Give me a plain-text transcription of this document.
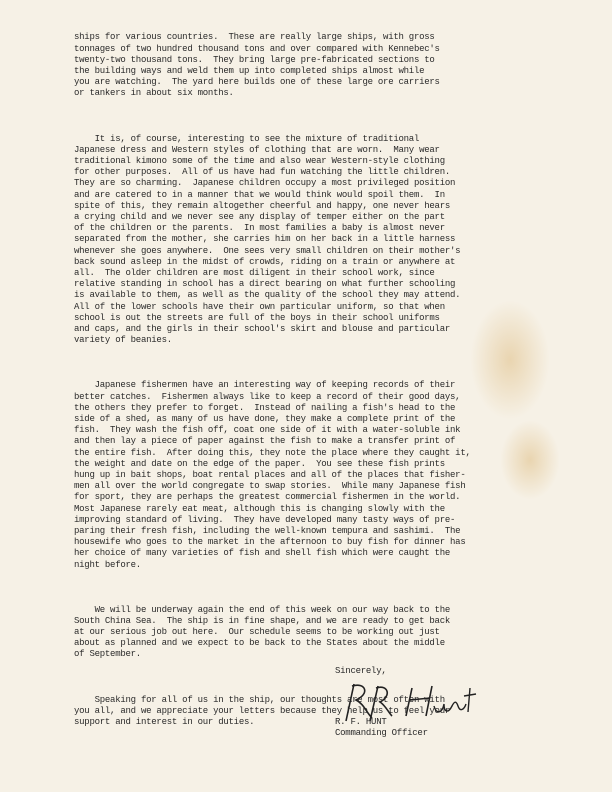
ships for various countries.  These are really large ships, with gross
tonnages of two hundred thousand tons and over compared with Kennebec's
twenty-two thousand tons.  They bring large pre-fabricated sections to
the building ways and weld them up into completed ships almost while
you are watching.  The yard here builds one of these large ore carriers
or tankers in about six months.

It is, of course, interesting to see the mixture of traditional
Japanese dress and Western styles of clothing that are worn.  Many wear
traditional kimono some of the time and also wear Western-style clothing
for other purposes.  All of us have had fun watching the little children.
They are so charming.  Japanese children occupy a most privileged position
and are catered to in a manner that we would think would spoil them.  In
spite of this, they remain altogether cheerful and happy, one never hears
a crying child and we never see any display of temper either on the part
of the children or the parents.  In most families a baby is almost never
separated from the mother, she carries him on her back in a little harness
whenever she goes anywhere.  One sees very small children on their mother's
back sound asleep in the midst of crowds, riding on a train or anywhere at
all.  The older children are most diligent in their school work, since
relative standing in school has a direct bearing on what further schooling
is available to them, as well as the quality of the school they may attend.
All of the lower schools have their own particular uniform, so that when
school is out the streets are full of the boys in their school uniforms
and caps, and the girls in their school's skirt and blouse and particular
variety of beanies.

Japanese fishermen have an interesting way of keeping records of their
better catches.  Fishermen always like to keep a record of their good days,
the others they prefer to forget.  Instead of nailing a fish's head to the
side of a shed, as many of us have done, they make a complete print of the
fish.  They wash the fish off, coat one side of it with a water-soluble ink
and then lay a piece of paper against the fish to make a transfer print of
the entire fish.  After doing this, they note the place where they caught it,
the weight and date on the edge of the paper.  You see these fish prints
hung up in bait shops, boat rental places and all of the places that fisher-
men all over the world congregate to swap stories.  While many Japanese fish
for sport, they are perhaps the greatest commercial fishermen in the world.
Most Japanese rarely eat meat, although this is changing slowly with the
improving standard of living.  They have developed many tasty ways of pre-
paring their fresh fish, including the well-known tempura and sashimi.  The
housewife who goes to the market in the afternoon to buy fish for dinner has
her choice of many varieties of fish and shell fish which were caught the
night before.

We will be underway again the end of this week on our way back to the
South China Sea.  The ship is in fine shape, and we are ready to get back
at our serious job out here.  Our schedule seems to be working out just
about as planned and we expect to be back to the States about the middle
of September.

Speaking for all of us in the ship, our thoughts are most often with
you all, and we appreciate your letters because they help us to feel your
support and interest in our duties.

Sincerely,
R. F. HUNT
Commanding Officer
